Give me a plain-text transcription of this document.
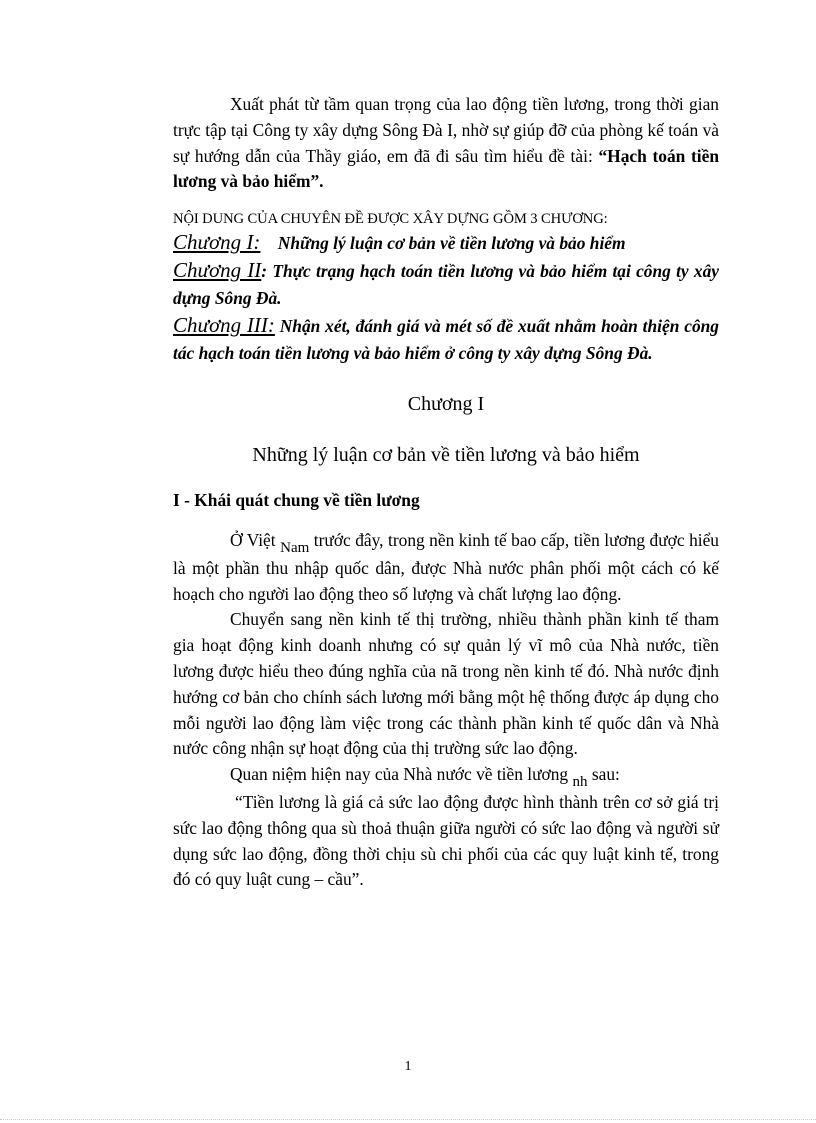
Xuất phát từ tầm quan trọng của lao động tiền lương, trong thời gian trực tập tại Công ty xây dựng Sông Đà I, nhờ sự giúp đỡ của phòng kế toán và sự hướng dẫn của Thầy giáo, em đã đi sâu tìm hiểu đề tài: “Hạch toán tiền lương và bảo hiểm”.

NỘI DUNG CỦA CHUYÊN ĐỀ ĐƯỢC XÂY DỰNG GỒM 3 CHƯƠNG:

Chương I: Những lý luận cơ bản về tiền lương và bảo hiểm

Chương II: Thực trạng hạch toán tiền lương và bảo hiểm tại công ty xây dựng Sông Đà.

Chương III: Nhận xét, đánh giá và mét số đề xuất nhằm hoàn thiện công tác hạch toán tiền lương và bảo hiểm ở công ty xây dựng Sông Đà.

Chương I

Những lý luận cơ bản về tiền lương và bảo hiểm

I - Khái quát chung về tiền lương

Ở Việt Nam trước đây, trong nền kinh tế bao cấp, tiền lương được hiểu là một phần thu nhập quốc dân, được Nhà nước phân phối một cách có kế hoạch cho người lao động theo số lượng và chất lượng lao động.

Chuyển sang nền kinh tế thị trường, nhiều thành phần kinh tế tham gia hoạt động kinh doanh nhưng có sự quản lý vĩ mô của Nhà nước, tiền lương được hiểu theo đúng nghĩa của nã trong nền kinh tế đó. Nhà nước định hướng cơ bản cho chính sách lương mới bằng một hệ thống được áp dụng cho mỗi người lao động làm việc trong các thành phần kinh tế quốc dân và Nhà nước công nhận sự hoạt động của thị trường sức lao động.

Quan niệm hiện nay của Nhà nước về tiền lương nh sau:

“Tiền lương là giá cả sức lao động được hình thành trên cơ sở giá trị sức lao động thông qua sù thoả thuận giữa người có sức lao động và người sử dụng sức lao động, đồng thời chịu sù chi phối của các quy luật kinh tế, trong đó có quy luật cung – cầu”.

1
